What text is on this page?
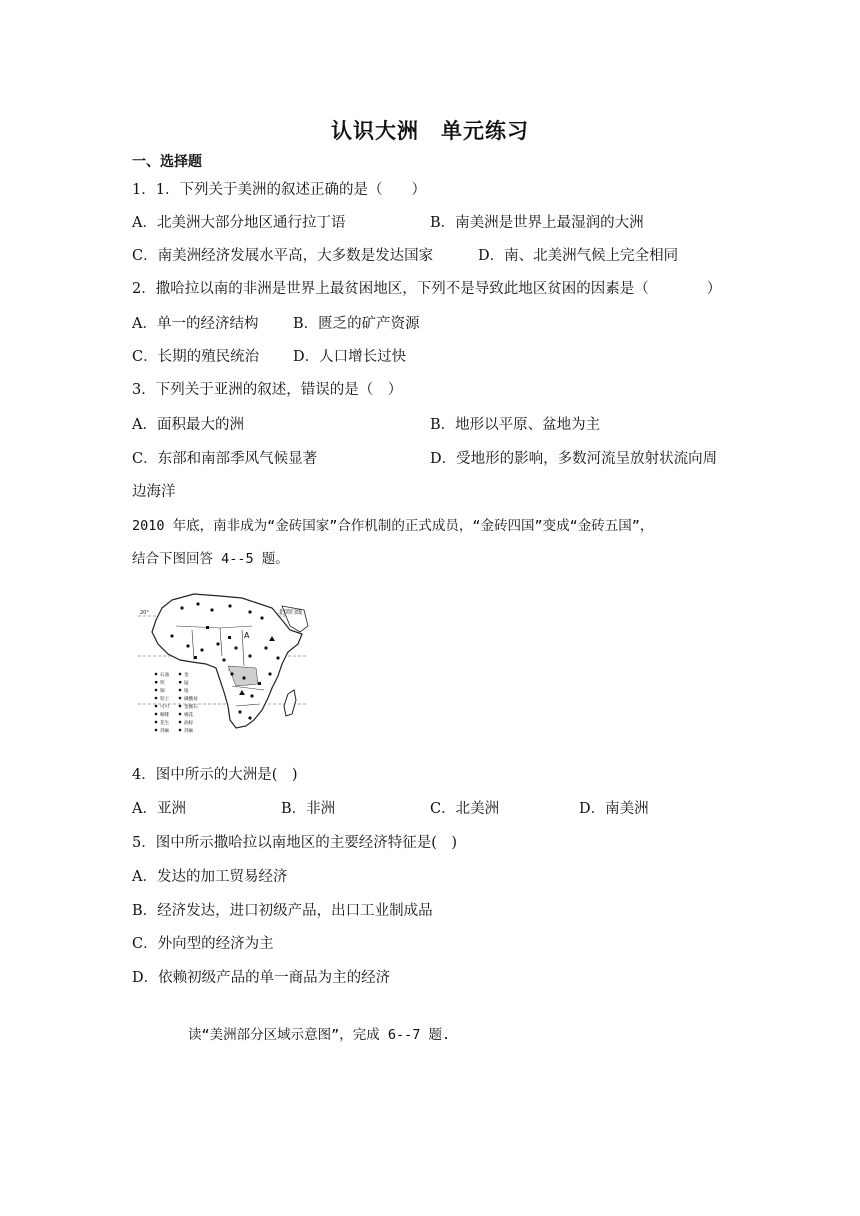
认识大洲　单元练习
一、选择题
1．1．下列关于美洲的叙述正确的是（　　）
A．北美洲大部分地区通行拉丁语	B．南美洲是世界上最湿润的大洲
C．南美洲经济发展水平高，大多数是发达国家	D．南、北美洲气候上完全相同
2．撒哈拉以南的非洲是世界上最贫困地区，下列不是导致此地区贫困的因素是（　　　　）
A．单一的经济结构 B．匮乏的矿产资源
C．长期的殖民统治 D．人口增长过快
3．下列关于亚洲的叙述，错误的是（　）
A．面积最大的洲	B．地形以平原、盆地为主
C．东部和南部季风气候显著	D．受地形的影响，多数河流呈放射状流向周
边海洋
2010 年底，南非成为“金砖国家”合作机制的正式成员，“金砖四国”变成“金砖五国”，
结合下图回答 4--5 题。
北回归线
A
20°
石油
铁
铜
铝土
可可
咖啡
花生
剑麻
金
锰
铬
磷酸盐
金刚石
棉花
油棕
剑麻
4．图中所示的大洲是(　)
A．亚洲	B．非洲	C．北美洲	D．南美洲
5．图中所示撒哈拉以南地区的主要经济特征是(　)
A．发达的加工贸易经济
B．经济发达，进口初级产品，出口工业制成品
C．外向型的经济为主
D．依赖初级产品的单一商品为主的经济
读“美洲部分区域示意图”，完成 6--7 题.
